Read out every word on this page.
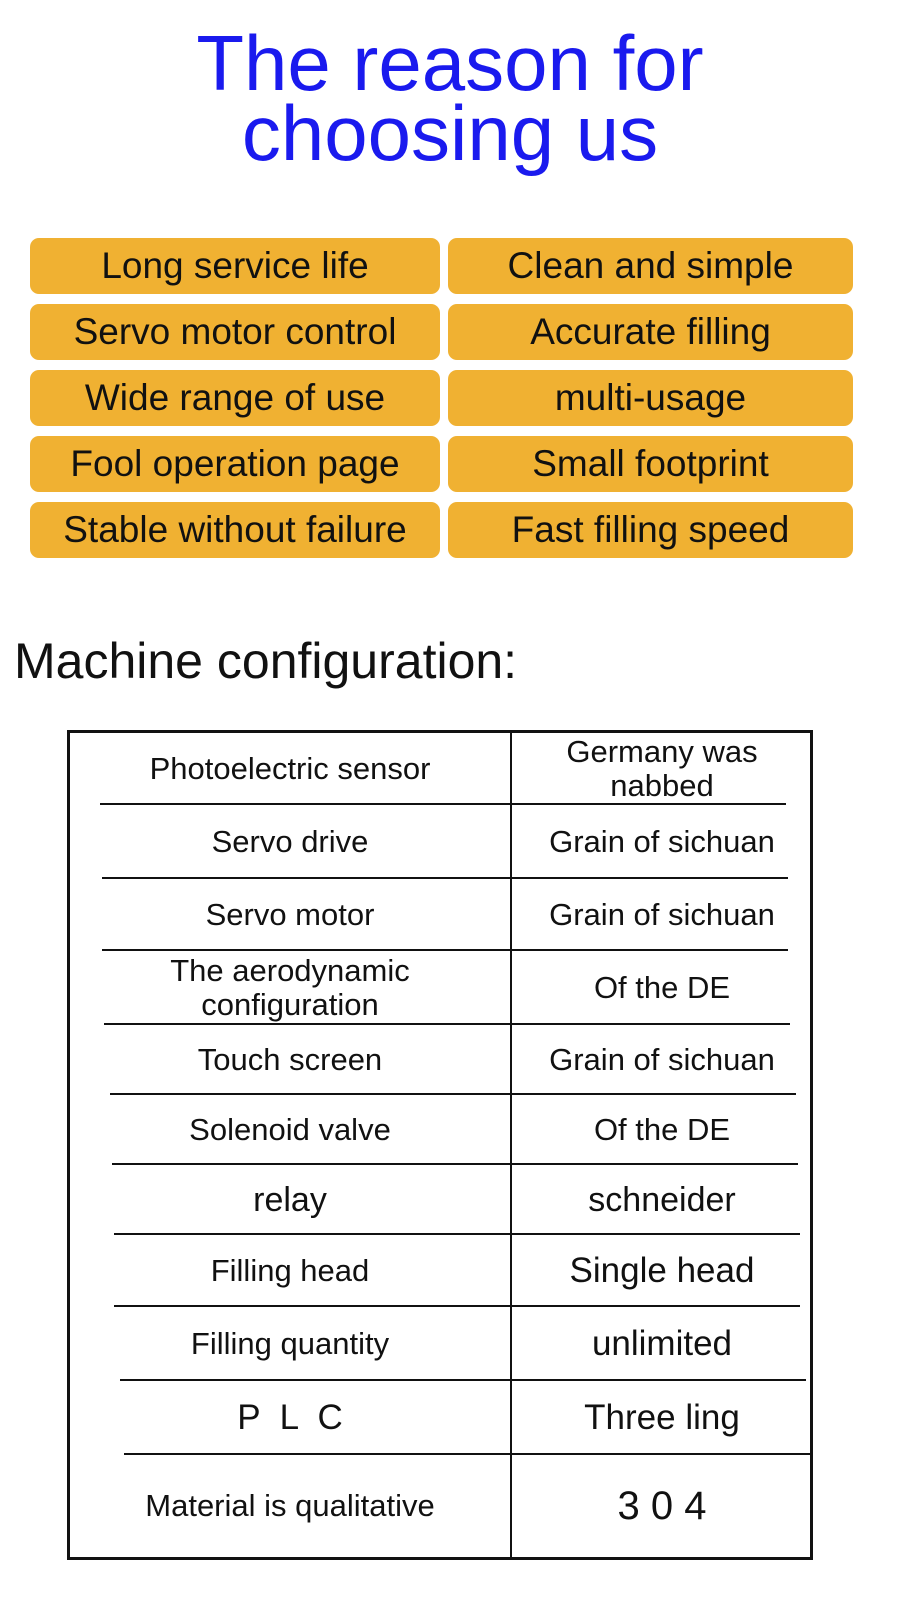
The reason for
choosing us
Long service life	Clean and simple
Servo motor control	Accurate filling
Wide range of use	multi-usage
Fool operation page	Small footprint
Stable without failure	Fast filling speed
Machine configuration:
Photoelectric sensor	Germany was nabbed
Servo drive	Grain of sichuan
Servo motor	Grain of sichuan
The aerodynamic configuration	Of the DE
Touch screen	Grain of sichuan
Solenoid valve	Of the DE
relay	schneider
Filling head	Single head
Filling quantity	unlimited
P L C	Three ling
Material is qualitative	3 0 4
